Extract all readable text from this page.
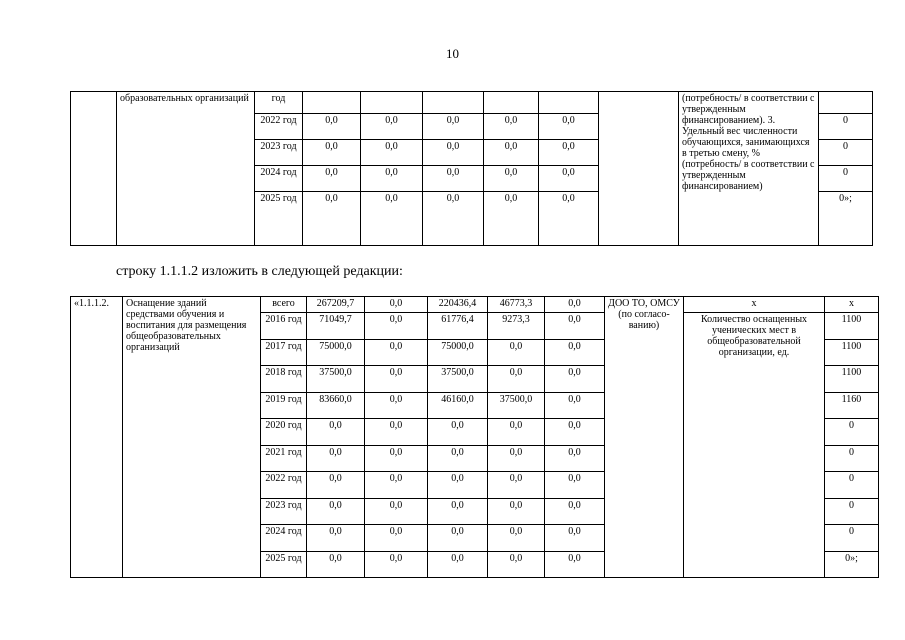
10
	образовательных организаций	год							(потребность/ в соответствии с утвержденным финансированием). 3. Удельный вес численности обучающихся, занимающихся в третью смену, % (потребность/ в соответствии с утвержденным финансированием)	
		2022 год	0,0	0,0	0,0	0,0	0,0			0
		2023 год	0,0	0,0	0,0	0,0	0,0			0
		2024 год	0,0	0,0	0,0	0,0	0,0			0
		2025 год	0,0	0,0	0,0	0,0	0,0			0»;
строку 1.1.1.2 изложить в следующей редакции:
«1.1.1.2.	Оснащение зданий средствами обучения и воспитания для размещения общеобразовательных организаций	всего	267209,7	0,0	220436,4	46773,3	0,0	ДОО ТО, ОМСУ (по согласо-ванию)	х	х
		2016 год	71049,7	0,0	61776,4	9273,3	0,0		Количество оснащенных ученических мест в общеобразовательной организации, ед.	1100
		2017 год	75000,0	0,0	75000,0	0,0	0,0			1100
		2018 год	37500,0	0,0	37500,0	0,0	0,0			1100
		2019 год	83660,0	0,0	46160,0	37500,0	0,0			1160
		2020 год	0,0	0,0	0,0	0,0	0,0			0
		2021 год	0,0	0,0	0,0	0,0	0,0			0
		2022 год	0,0	0,0	0,0	0,0	0,0			0
		2023 год	0,0	0,0	0,0	0,0	0,0			0
		2024 год	0,0	0,0	0,0	0,0	0,0			0
		2025 год	0,0	0,0	0,0	0,0	0,0			0»;
